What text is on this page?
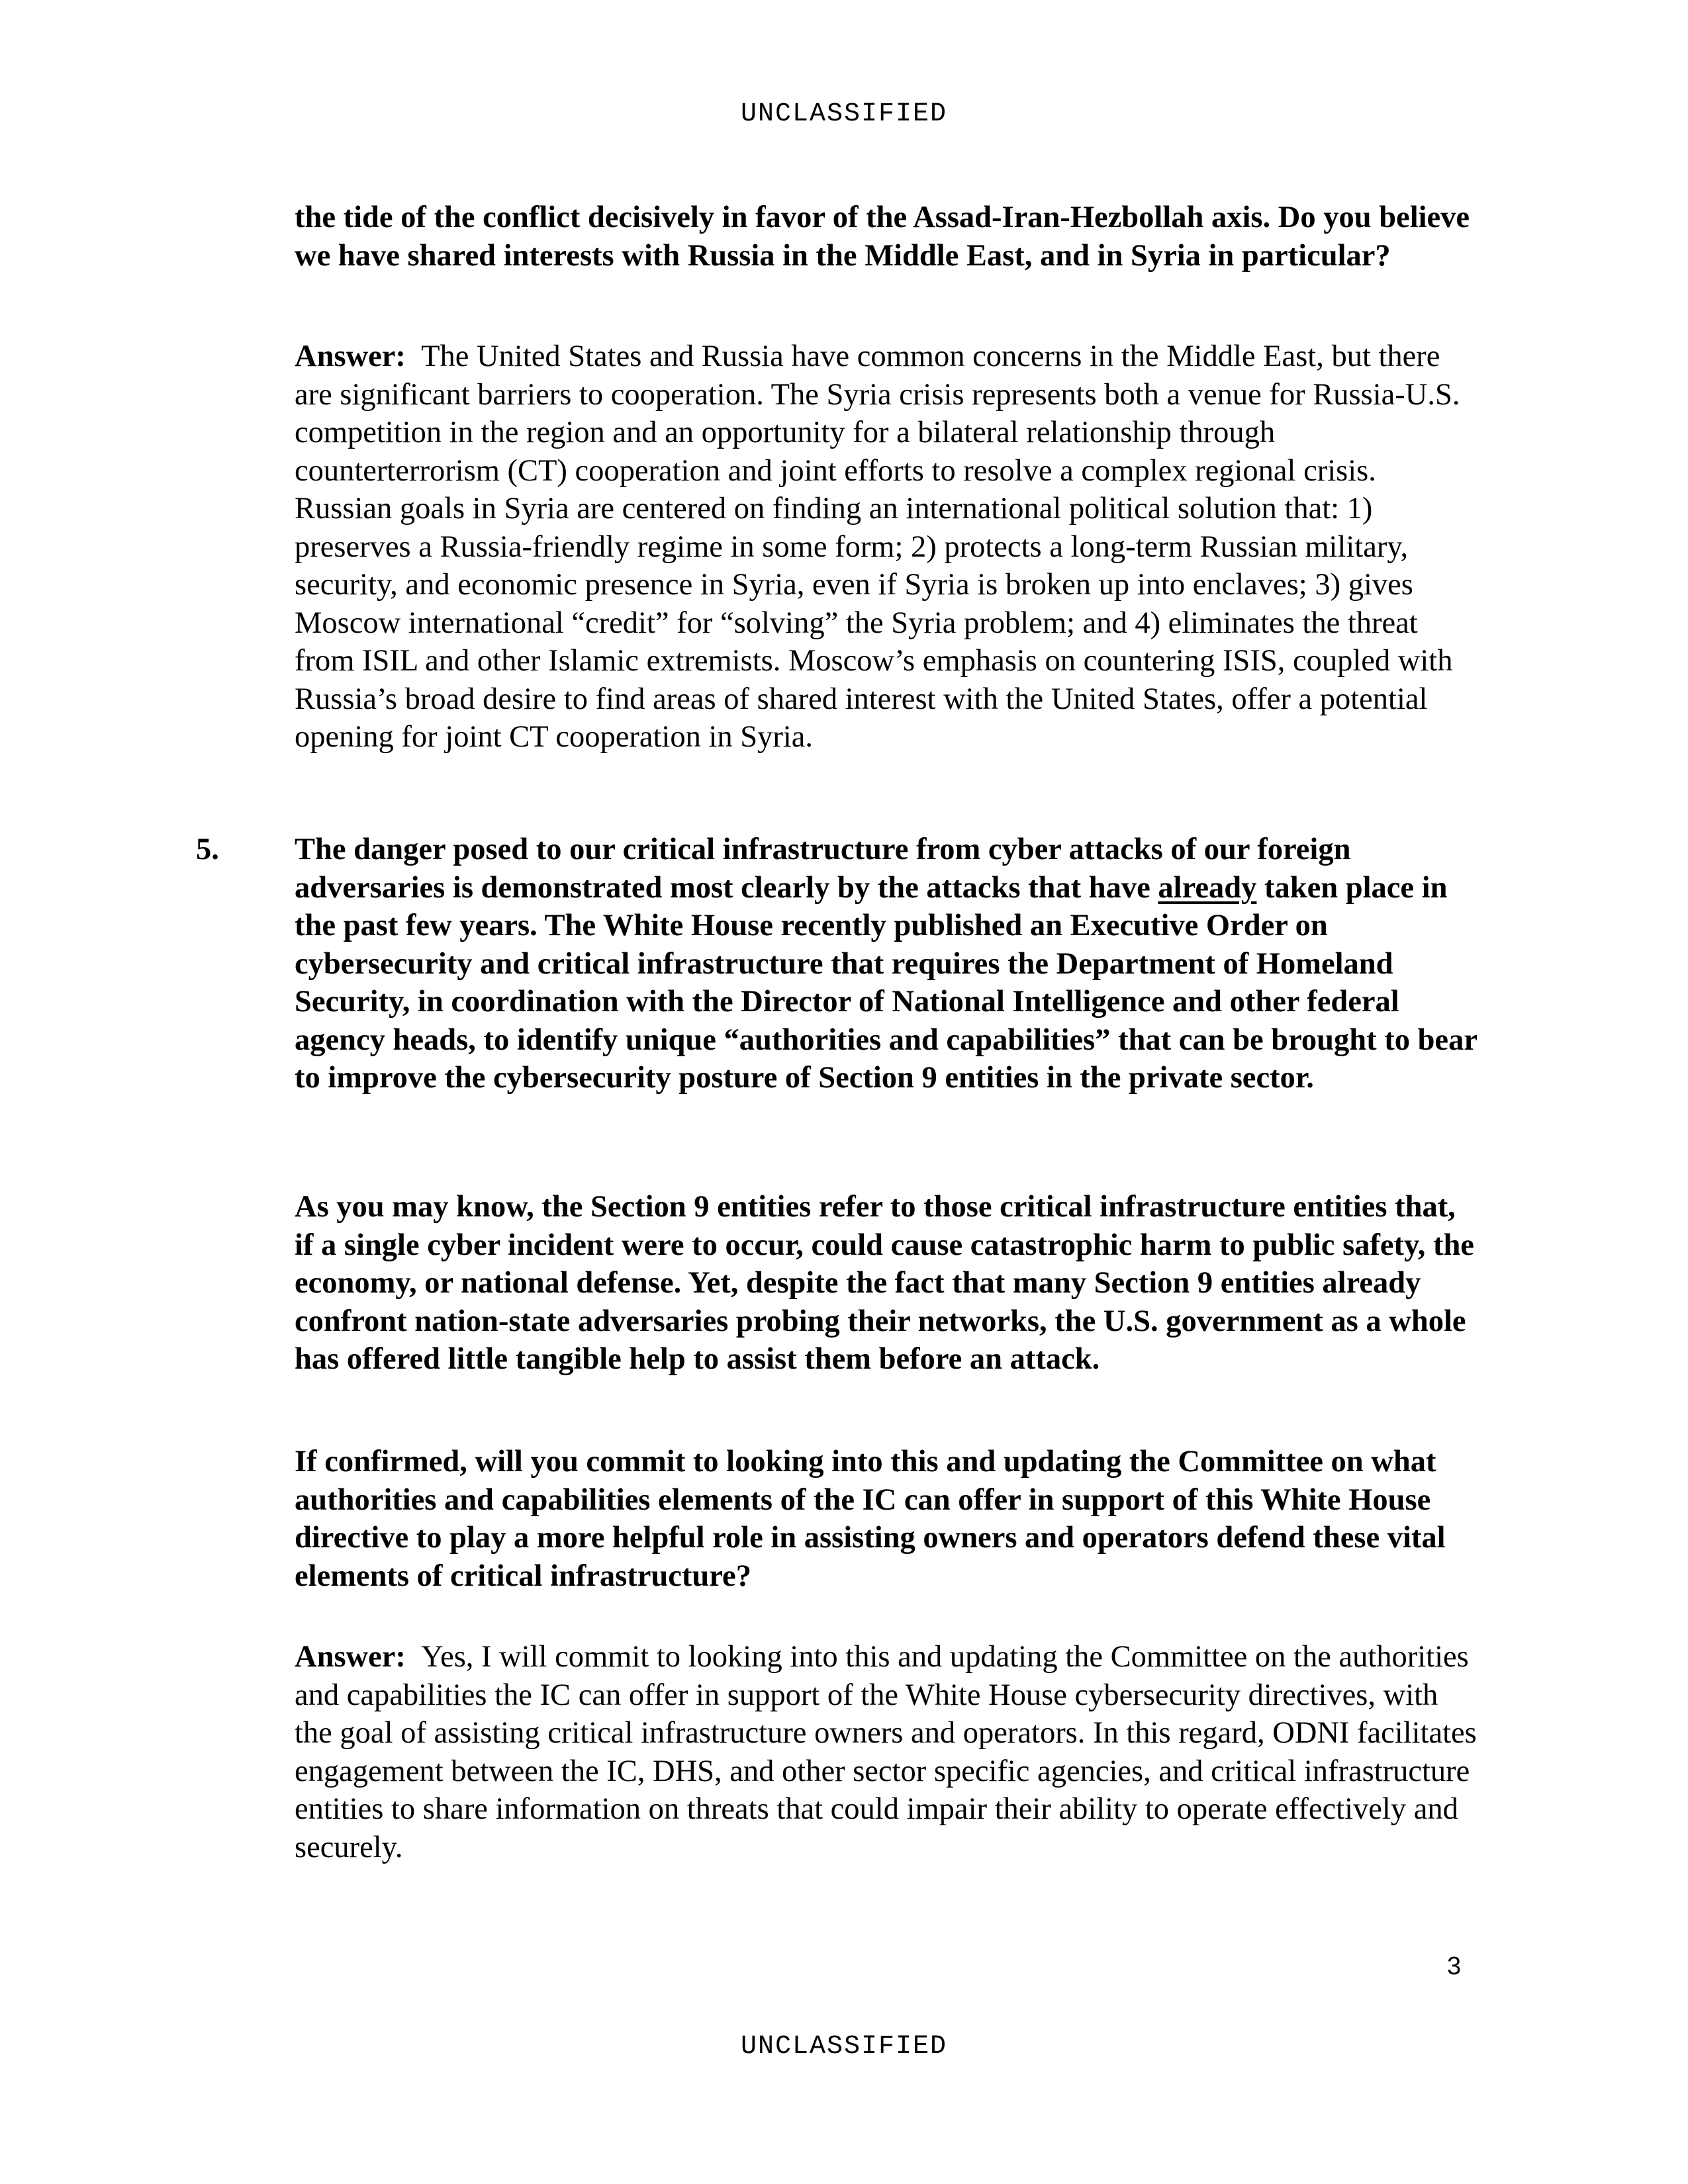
UNCLASSIFIED

the tide of the conflict decisively in favor of the Assad-Iran-Hezbollah axis. Do you believe we have shared interests with Russia in the Middle East, and in Syria in particular?

Answer: The United States and Russia have common concerns in the Middle East, but there are significant barriers to cooperation. The Syria crisis represents both a venue for Russia-U.S. competition in the region and an opportunity for a bilateral relationship through counterterrorism (CT) cooperation and joint efforts to resolve a complex regional crisis. Russian goals in Syria are centered on finding an international political solution that: 1) preserves a Russia-friendly regime in some form; 2) protects a long-term Russian military, security, and economic presence in Syria, even if Syria is broken up into enclaves; 3) gives Moscow international “credit” for “solving” the Syria problem; and 4) eliminates the threat from ISIL and other Islamic extremists. Moscow’s emphasis on countering ISIS, coupled with Russia’s broad desire to find areas of shared interest with the United States, offer a potential opening for joint CT cooperation in Syria.

5. The danger posed to our critical infrastructure from cyber attacks of our foreign adversaries is demonstrated most clearly by the attacks that have already taken place in the past few years. The White House recently published an Executive Order on cybersecurity and critical infrastructure that requires the Department of Homeland Security, in coordination with the Director of National Intelligence and other federal agency heads, to identify unique “authorities and capabilities” that can be brought to bear to improve the cybersecurity posture of Section 9 entities in the private sector.

As you may know, the Section 9 entities refer to those critical infrastructure entities that, if a single cyber incident were to occur, could cause catastrophic harm to public safety, the economy, or national defense. Yet, despite the fact that many Section 9 entities already confront nation-state adversaries probing their networks, the U.S. government as a whole has offered little tangible help to assist them before an attack.

If confirmed, will you commit to looking into this and updating the Committee on what authorities and capabilities elements of the IC can offer in support of this White House directive to play a more helpful role in assisting owners and operators defend these vital elements of critical infrastructure?

Answer: Yes, I will commit to looking into this and updating the Committee on the authorities and capabilities the IC can offer in support of the White House cybersecurity directives, with the goal of assisting critical infrastructure owners and operators. In this regard, ODNI facilitates engagement between the IC, DHS, and other sector specific agencies, and critical infrastructure entities to share information on threats that could impair their ability to operate effectively and securely.

3
UNCLASSIFIED
